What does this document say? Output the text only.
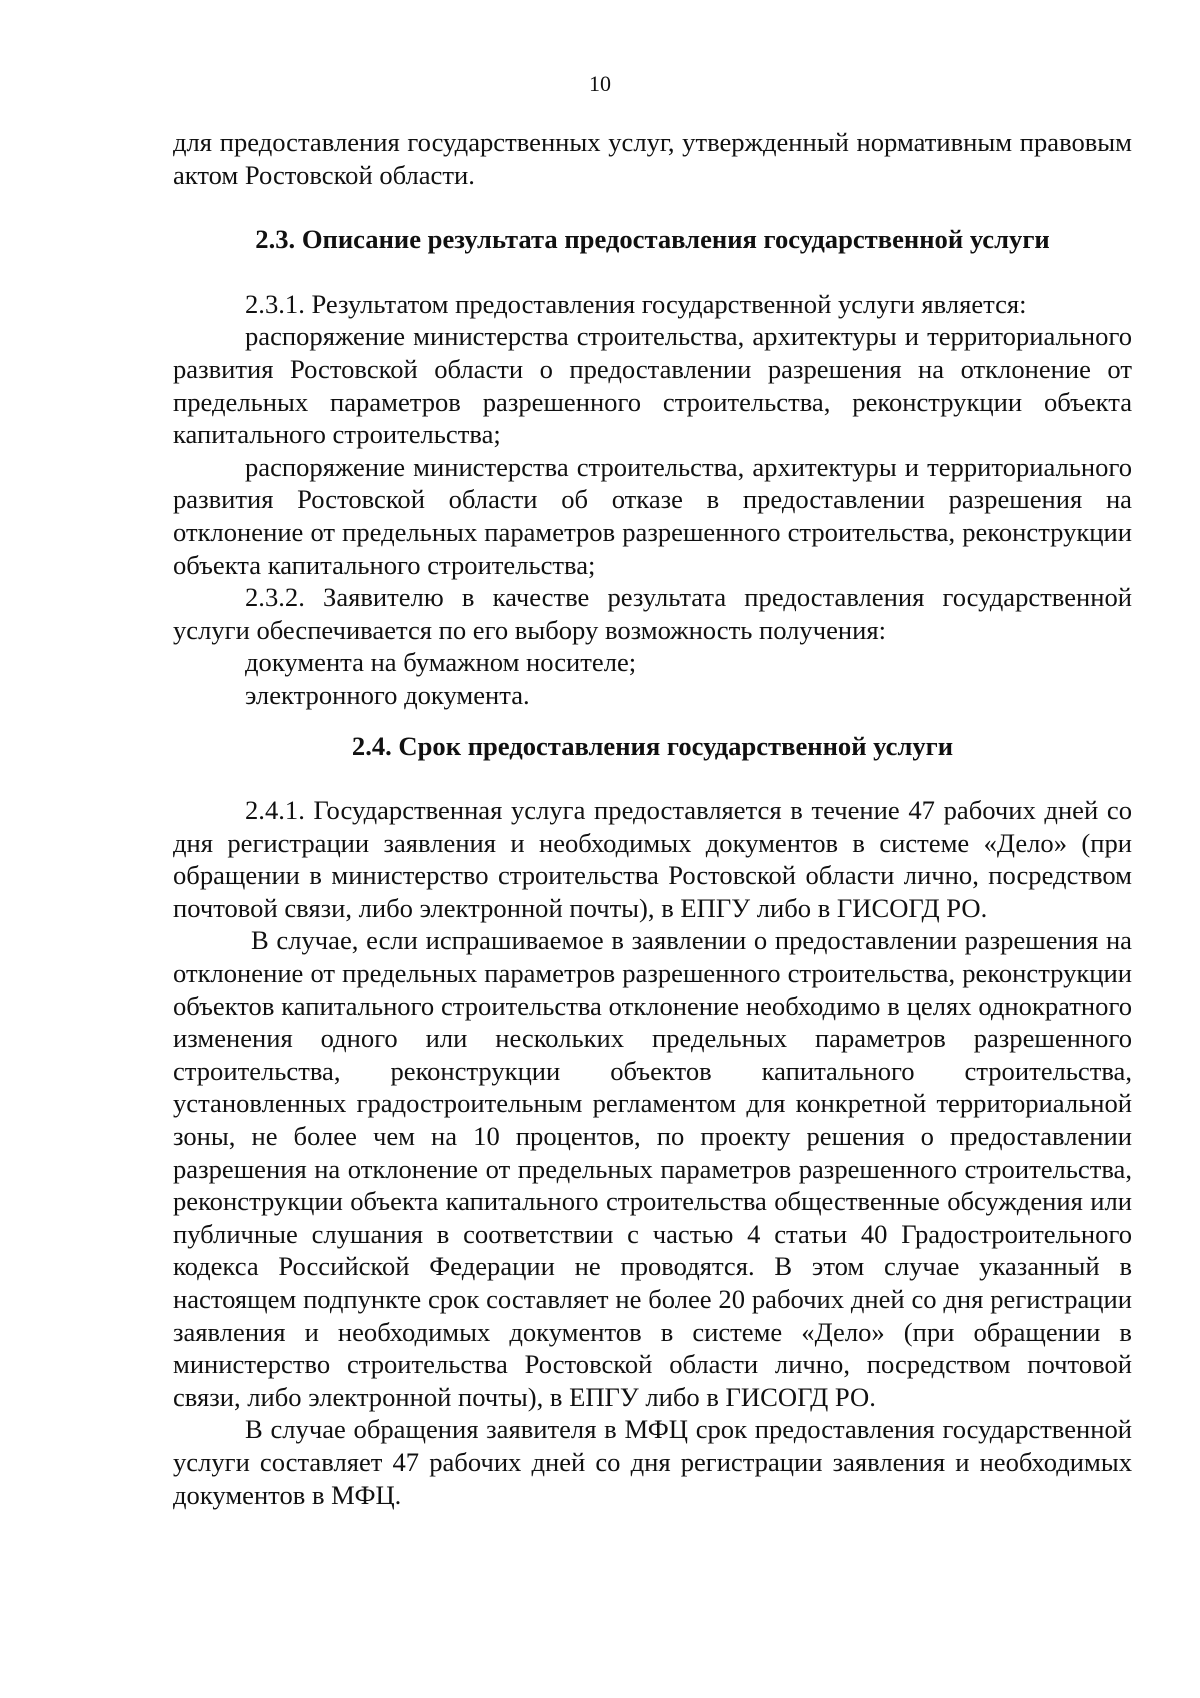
10

для предоставления государственных услуг, утвержденный нормативным правовым актом Ростовской области.

2.3. Описание результата предоставления государственной услуги

2.3.1. Результатом предоставления государственной услуги является:

распоряжение министерства строительства, архитектуры и территориального развития Ростовской области о предоставлении разрешения на отклонение от предельных параметров разрешенного строительства, реконструкции объекта капитального строительства;

распоряжение министерства строительства, архитектуры и территориального развития Ростовской области об отказе в предоставлении разрешения на отклонение от предельных параметров разрешенного строительства, реконструкции объекта капитального строительства;

2.3.2. Заявителю в качестве результата предоставления государственной услуги обеспечивается по его выбору возможность получения:

документа на бумажном носителе;

электронного документа.

2.4. Срок предоставления государственной услуги

2.4.1. Государственная услуга предоставляется в течение 47 рабочих дней со дня регистрации заявления и необходимых документов в системе «Дело» (при обращении в министерство строительства Ростовской области лично, посредством почтовой связи, либо электронной почты), в ЕПГУ либо в ГИСОГД РО.

В случае, если испрашиваемое в заявлении о предоставлении разрешения на отклонение от предельных параметров разрешенного строительства, реконструкции объектов капитального строительства отклонение необходимо в целях однократного изменения одного или нескольких предельных параметров разрешенного строительства, реконструкции объектов капитального строительства, установленных градостроительным регламентом для конкретной территориальной зоны, не более чем на 10 процентов, по проекту решения о предоставлении разрешения на отклонение от предельных параметров разрешенного строительства, реконструкции объекта капитального строительства общественные обсуждения или публичные слушания в соответствии с частью 4 статьи 40 Градостроительного кодекса Российской Федерации не проводятся. В этом случае указанный в настоящем подпункте срок составляет не более 20 рабочих дней со дня регистрации заявления и необходимых документов в системе «Дело» (при обращении в министерство строительства Ростовской области лично, посредством почтовой связи, либо электронной почты), в ЕПГУ либо в ГИСОГД РО.

В случае обращения заявителя в МФЦ срок предоставления государственной услуги составляет 47 рабочих дней со дня регистрации заявления и необходимых документов в МФЦ.
